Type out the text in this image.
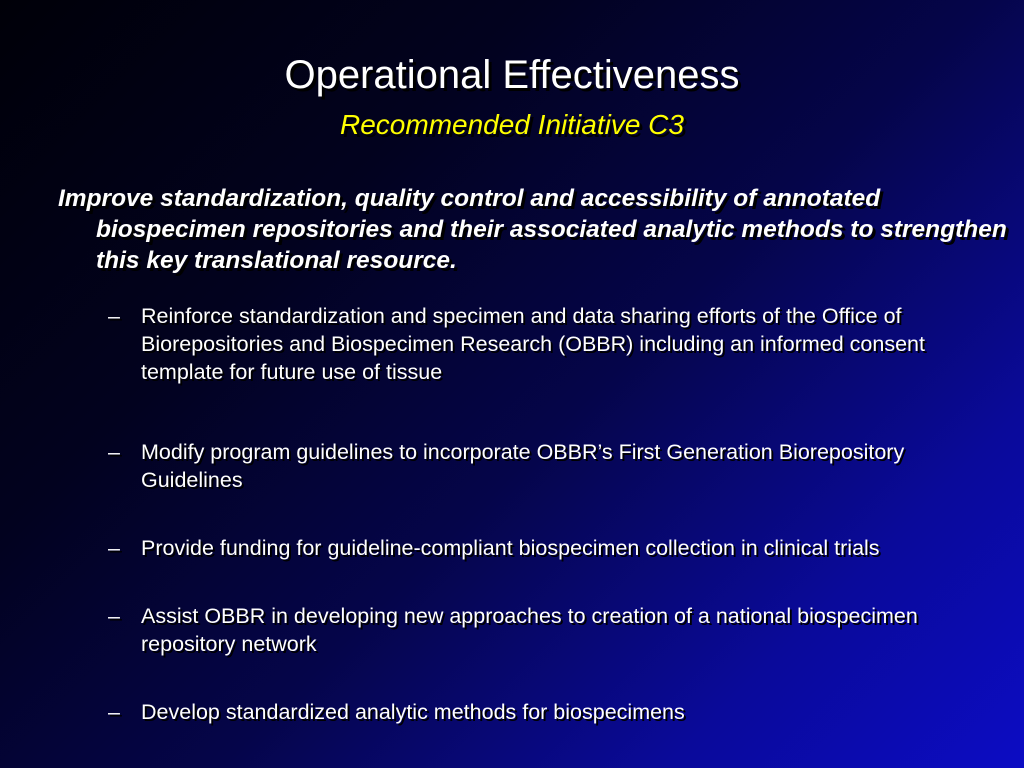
Operational Effectiveness
Recommended Initiative C3

Improve standardization, quality control and accessibility of annotated biospecimen repositories and their associated analytic methods to strengthen this key translational resource.

– Reinforce standardization and specimen and data sharing efforts of the Office of Biorepositories and Biospecimen Research (OBBR) including an informed consent template for future use of tissue
– Modify program guidelines to incorporate OBBR’s First Generation Biorepository Guidelines
– Provide funding for guideline-compliant biospecimen collection in clinical trials
– Assist OBBR in developing new approaches to creation of a national biospecimen repository network
– Develop standardized analytic methods for biospecimens
